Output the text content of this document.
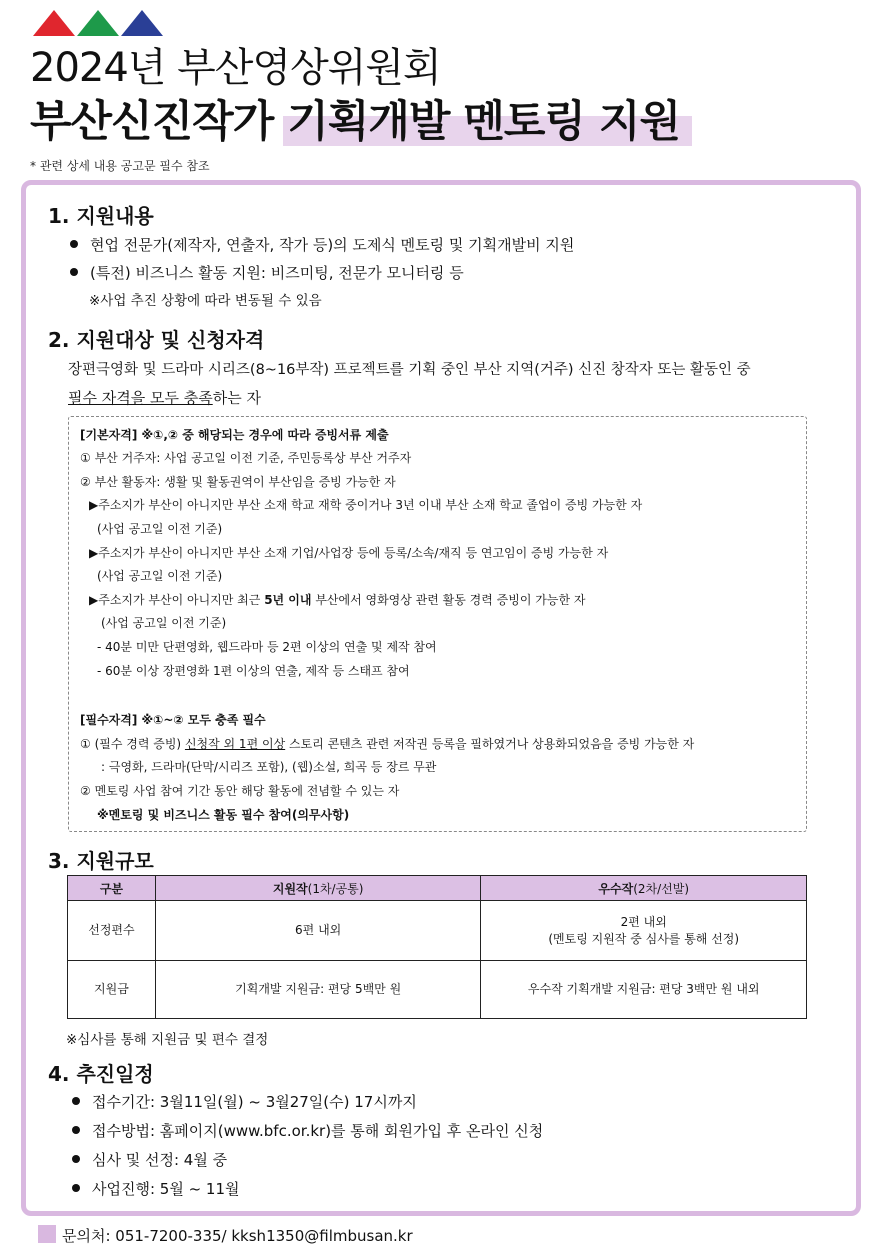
2024년 부산영상위원회
부산신진작가 기획개발 멘토링 지원
* 관련 상세 내용 공고문 필수 참조
1. 지원내용
현업 전문가(제작자, 연출자, 작가 등)의 도제식 멘토링 및 기획개발비 지원
(특전) 비즈니스 활동 지원: 비즈미팅, 전문가 모니터링 등
※사업 추진 상황에 따라 변동될 수 있음
2. 지원대상 및 신청자격
장편극영화 및 드라마 시리즈(8~16부작) 프로젝트를 기획 중인 부산 지역(거주) 신진 창작자 또는 활동인 중
필수 자격을 모두 충족하는 자
[기본자격] ※①,② 중 해당되는 경우에 따라 증빙서류 제출
① 부산 거주자: 사업 공고일 이전 기준, 주민등록상 부산 거주자
② 부산 활동자: 생활 및 활동권역이 부산임을 증빙 가능한 자
▶주소지가 부산이 아니지만 부산 소재 학교 재학 중이거나 3년 이내 부산 소재 학교 졸업이 증빙 가능한 자
(사업 공고일 이전 기준)
▶주소지가 부산이 아니지만 부산 소재 기업/사업장 등에 등록/소속/재직 등 연고임이 증빙 가능한 자
(사업 공고일 이전 기준)
▶주소지가 부산이 아니지만 최근 5년 이내 부산에서 영화영상 관련 활동 경력 증빙이 가능한 자
(사업 공고일 이전 기준)
- 40분 미만 단편영화, 웹드라마 등 2편 이상의 연출 및 제작 참여
- 60분 이상 장편영화 1편 이상의 연출, 제작 등 스태프 참여
[필수자격] ※①~② 모두 충족 필수
① (필수 경력 증빙) 신청작 외 1편 이상 스토리 콘텐츠 관련 저작권 등록을 필하였거나 상용화되었음을 증빙 가능한 자
: 극영화, 드라마(단막/시리즈 포함), (웹)소설, 희곡 등 장르 무관
② 멘토링 사업 참여 기간 동안 해당 활동에 전념할 수 있는 자
※멘토링 및 비즈니스 활동 필수 참여(의무사항)
3. 지원규모
구분	지원작(1차/공통)	우수작(2차/선발)
선정편수	6편 내외	2편 내외
(멘토링 지원작 중 심사를 통해 선정)

지원금	기획개발 지원금: 편당 5백만 원	우수작 기획개발 지원금: 편당 3백만 원 내외
※심사를 통해 지원금 및 편수 결정
4. 추진일정
접수기간: 3월11일(월) ~ 3월27일(수) 17시까지
접수방법: 홈페이지(www.bfc.or.kr)를 통해 회원가입 후 온라인 신청
심사 및 선정: 4월 중
사업진행: 5월 ~ 11월
문의처: 051-7200-335/ kksh1350@filmbusan.kr
